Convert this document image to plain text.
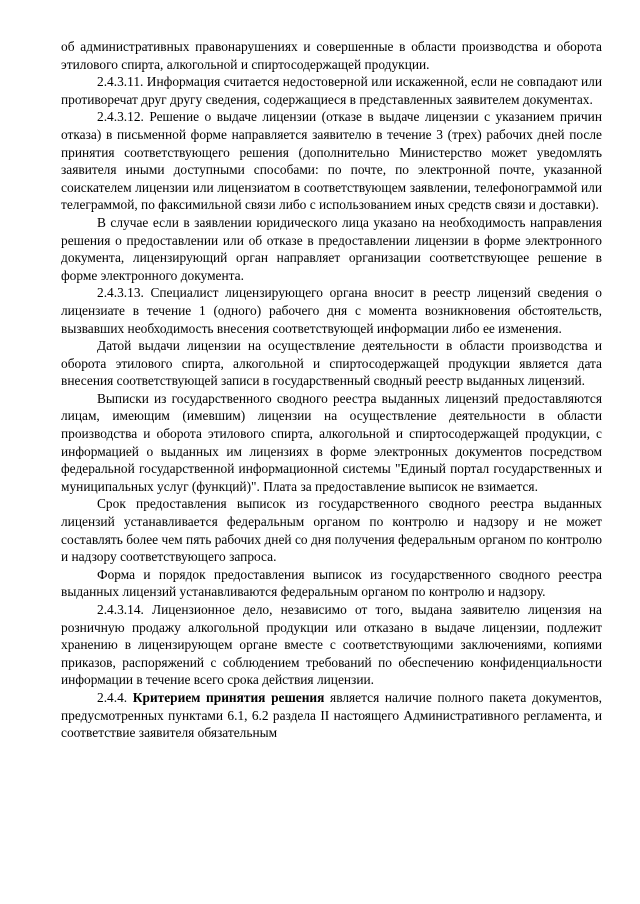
об административных правонарушениях и совершенные в области производства и оборота этилового спирта, алкогольной и спиртосодержащей продукции.

2.4.3.11. Информация считается недостоверной или искаженной, если не совпадают или противоречат друг другу сведения, содержащиеся в представленных заявителем документах.

2.4.3.12. Решение о выдаче лицензии (отказе в выдаче лицензии с указанием причин отказа) в письменной форме направляется заявителю в течение 3 (трех) рабочих дней после принятия соответствующего решения (дополнительно Министерство может уведомлять заявителя иными доступными способами: по почте, по электронной почте, указанной соискателем лицензии или лицензиатом в соответствующем заявлении, телефонограммой или телеграммой, по факсимильной связи либо с использованием иных средств связи и доставки).

В случае если в заявлении юридического лица указано на необходимость направления решения о предоставлении или об отказе в предоставлении лицензии в форме электронного документа, лицензирующий орган направляет организации соответствующее решение в форме электронного документа.

2.4.3.13. Специалист лицензирующего органа вносит в реестр лицензий сведения о лицензиате в течение 1 (одного) рабочего дня с момента возникновения обстоятельств, вызвавших необходимость внесения соответствующей информации либо ее изменения.

Датой выдачи лицензии на осуществление деятельности в области производства и оборота этилового спирта, алкогольной и спиртосодержащей продукции является дата внесения соответствующей записи в государственный сводный реестр выданных лицензий.

Выписки из государственного сводного реестра выданных лицензий предоставляются лицам, имеющим (имевшим) лицензии на осуществление деятельности в области производства и оборота этилового спирта, алкогольной и спиртосодержащей продукции, с информацией о выданных им лицензиях в форме электронных документов посредством федеральной государственной информационной системы "Единый портал государственных и муниципальных услуг (функций)". Плата за предоставление выписок не взимается.

Срок предоставления выписок из государственного сводного реестра выданных лицензий устанавливается федеральным органом по контролю и надзору и не может составлять более чем пять рабочих дней со дня получения федеральным органом по контролю и надзору соответствующего запроса.

Форма и порядок предоставления выписок из государственного сводного реестра выданных лицензий устанавливаются федеральным органом по контролю и надзору.

2.4.3.14. Лицензионное дело, независимо от того, выдана заявителю лицензия на розничную продажу алкогольной продукции или отказано в выдаче лицензии, подлежит хранению в лицензирующем органе вместе с соответствующими заключениями, копиями приказов, распоряжений с соблюдением требований по обеспечению конфиденциальности информации в течение всего срока действия лицензии.

2.4.4. Критерием принятия решения является наличие полного пакета документов, предусмотренных пунктами 6.1, 6.2 раздела II настоящего Административного регламента, и соответствие заявителя обязательным
